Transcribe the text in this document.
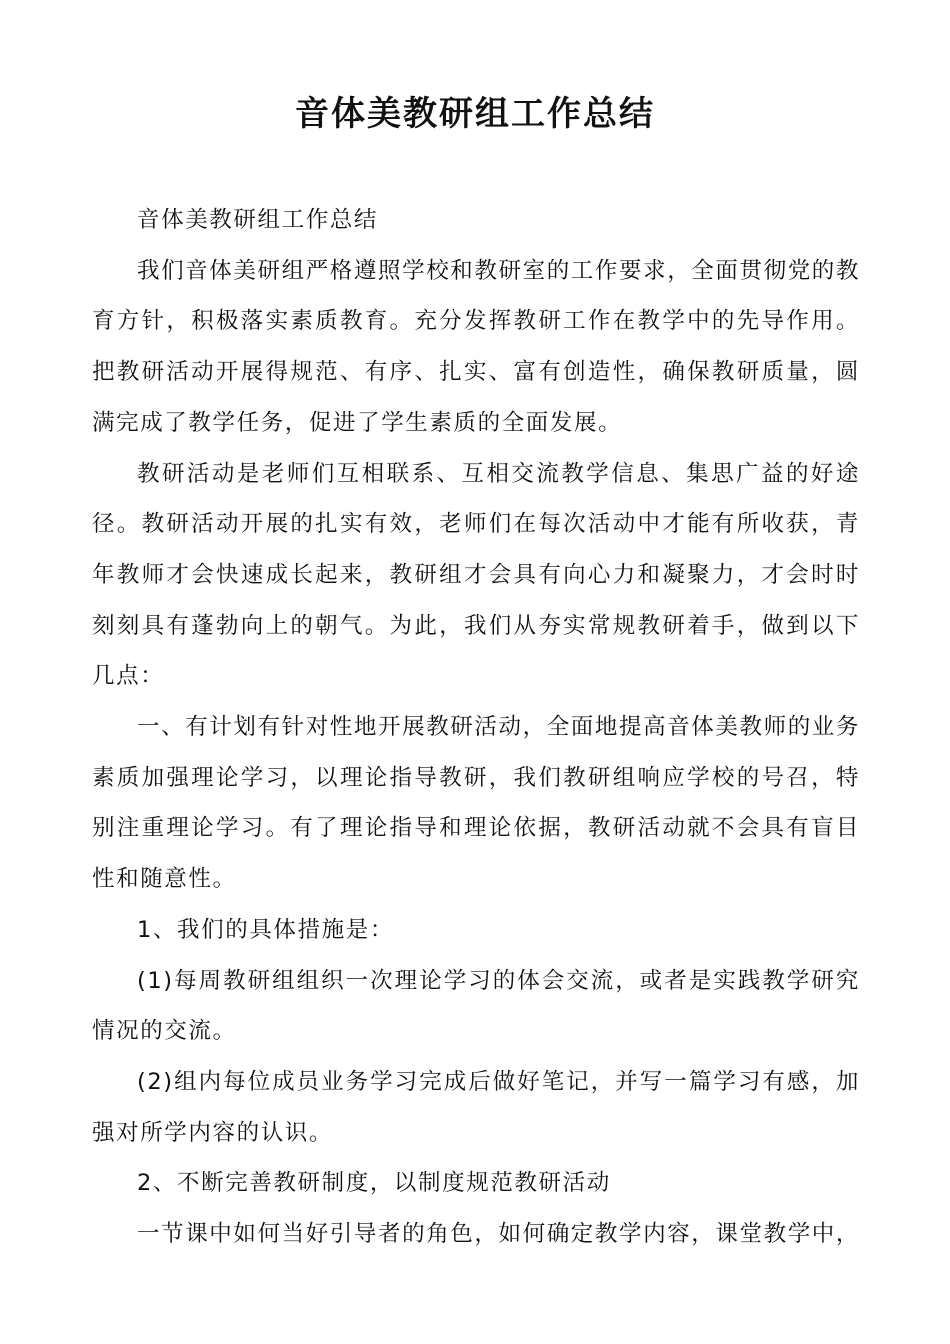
音体美教研组工作总结

音体美教研组工作总结

我们音体美研组严格遵照学校和教研室的工作要求，全面贯彻党的教育方针，积极落实素质教育。充分发挥教研工作在教学中的先导作用。把教研活动开展得规范、有序、扎实、富有创造性，确保教研质量，圆满完成了教学任务，促进了学生素质的全面发展。

教研活动是老师们互相联系、互相交流教学信息、集思广益的好途径。教研活动开展的扎实有效，老师们在每次活动中才能有所收获，青年教师才会快速成长起来，教研组才会具有向心力和凝聚力，才会时时刻刻具有蓬勃向上的朝气。为此，我们从夯实常规教研着手，做到以下几点：

一、有计划有针对性地开展教研活动，全面地提高音体美教师的业务素质加强理论学习，以理论指导教研，我们教研组响应学校的号召，特别注重理论学习。有了理论指导和理论依据，教研活动就不会具有盲目性和随意性。

1、我们的具体措施是：

(1)每周教研组组织一次理论学习的体会交流，或者是实践教学研究情况的交流。

(2)组内每位成员业务学习完成后做好笔记，并写一篇学习有感，加强对所学内容的认识。

2、不断完善教研制度，以制度规范教研活动

一节课中如何当好引导者的角色，如何确定教学内容，课堂教学中，
